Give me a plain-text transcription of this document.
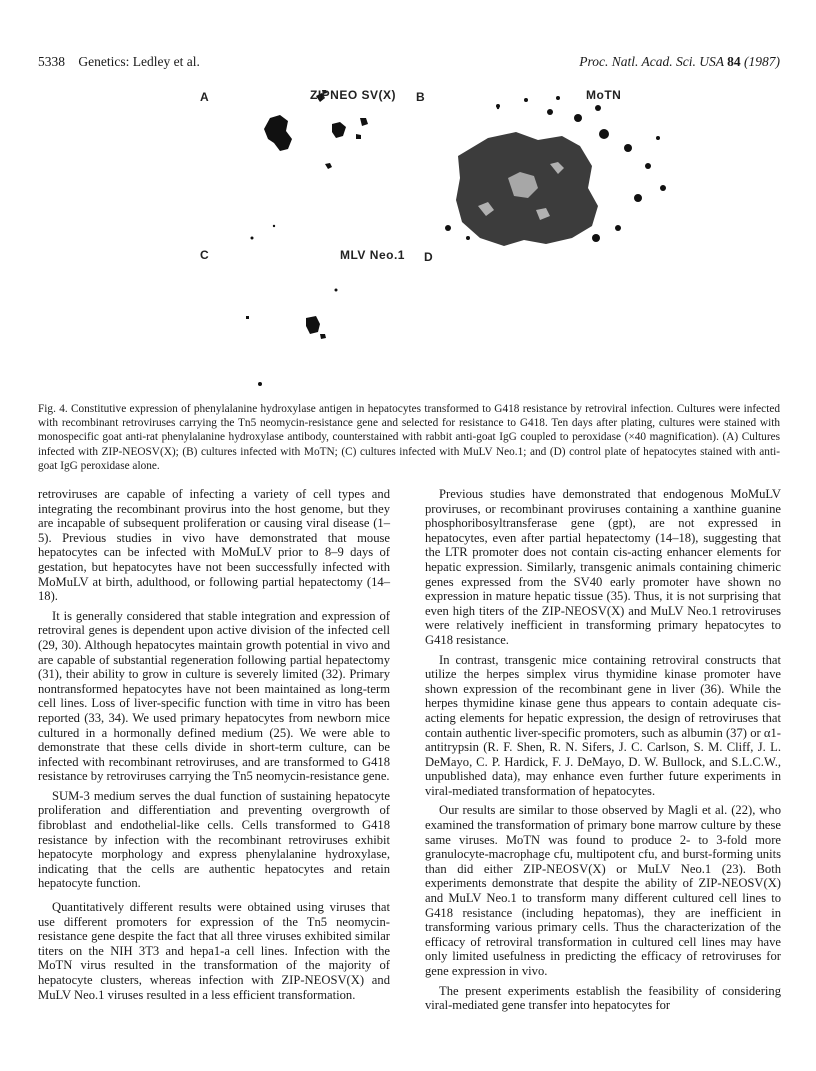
5338 Genetics: Ledley et al.	Proc. Natl. Acad. Sci. USA 84 (1987)
A	ZIPNEO SV(X) B	MoTN
C	MLV Neo.1 D
Fig. 4. Constitutive expression of phenylalanine hydroxylase antigen in hepatocytes transformed to G418 resistance by retroviral infection. Cultures were infected with recombinant retroviruses carrying the Tn5 neomycin-resistance gene and selected for resistance to G418. Ten days after plating, cultures were stained with monospecific goat anti-rat phenylalanine hydroxylase antibody, counterstained with rabbit anti-goat IgG coupled to peroxidase (×40 magnification). (A) Cultures infected with ZIP-NEOSV(X); (B) cultures infected with MoTN; (C) cultures infected with MuLV Neo.1; and (D) control plate of hepatocytes stained with anti-goat IgG peroxidase alone.

retroviruses are capable of infecting a variety of cell types and integrating the recombinant provirus into the host genome, but they are incapable of subsequent proliferation or causing viral disease (1–5). Previous studies in vivo have demonstrated that mouse hepatocytes can be infected with MoMuLV prior to 8–9 days of gestation, but hepatocytes have not been successfully infected with MoMuLV at birth, adulthood, or following partial hepatectomy (14–18).

It is generally considered that stable integration and expression of retroviral genes is dependent upon active division of the infected cell (29, 30). Although hepatocytes maintain growth potential in vivo and are capable of substantial regeneration following partial hepatectomy (31), their ability to grow in culture is severely limited (32). Primary nontransformed hepatocytes have not been maintained as long-term cell lines. Loss of liver-specific function with time in vitro has been reported (33, 34). We used primary hepatocytes from newborn mice cultured in a hormonally defined medium (25). We were able to demonstrate that these cells divide in short-term culture, can be infected with recombinant retroviruses, and are transformed to G418 resistance by retroviruses carrying the Tn5 neomycin-resistance gene.

SUM-3 medium serves the dual function of sustaining hepatocyte proliferation and differentiation and preventing overgrowth of fibroblast and endothelial-like cells. Cells transformed to G418 resistance by infection with the recombinant retroviruses exhibit hepatocyte morphology and express phenylalanine hydroxylase, indicating that the cells are authentic hepatocytes and retain hepatocyte function.

Quantitatively different results were obtained using viruses that use different promoters for expression of the Tn5 neomycin-resistance gene despite the fact that all three viruses exhibited similar titers on the NIH 3T3 and hepa1-a cell lines. Infection with the MoTN virus resulted in the transformation of the majority of hepatocyte clusters, whereas infection with ZIP-NEOSV(X) and MuLV Neo.1 viruses resulted in a less efficient transformation.

Previous studies have demonstrated that endogenous MoMuLV proviruses, or recombinant proviruses containing a xanthine guanine phosphoribosyltransferase gene (gpt), are not expressed in hepatocytes, even after partial hepatectomy (14–18), suggesting that the LTR promoter does not contain cis-acting enhancer elements for hepatic expression. Similarly, transgenic animals containing chimeric genes expressed from the SV40 early promoter have shown no expression in mature hepatic tissue (35). Thus, it is not surprising that even high titers of the ZIP-NEOSV(X) and MuLV Neo.1 retroviruses were relatively inefficient in transforming primary hepatocytes to G418 resistance.

In contrast, transgenic mice containing retroviral constructs that utilize the herpes simplex virus thymidine kinase promoter have shown expression of the recombinant gene in liver (36). While the herpes thymidine kinase gene thus appears to contain adequate cis-acting elements for hepatic expression, the design of retroviruses that contain authentic liver-specific promoters, such as albumin (37) or α1-antitrypsin (R. F. Shen, R. N. Sifers, J. C. Carlson, S. M. Cliff, J. L. DeMayo, C. P. Hardick, F. J. DeMayo, D. W. Bullock, and S.L.C.W., unpublished data), may enhance even further future experiments in viral-mediated transformation of hepatocytes.

Our results are similar to those observed by Magli et al. (22), who examined the transformation of primary bone marrow culture by these same viruses. MoTN was found to produce 2- to 3-fold more granulocyte-macrophage cfu, multipotent cfu, and burst-forming units than did either ZIP-NEOSV(X) or MuLV Neo.1 (23). Both experiments demonstrate that despite the ability of ZIP-NEOSV(X) and MuLV Neo.1 to transform many different cultured cell lines to G418 resistance (including hepatomas), they are inefficient in transforming various primary cells. Thus the characterization of the efficacy of retroviral transformation in cultured cell lines may have only limited usefulness in predicting the efficacy of retroviruses for gene expression in vivo.

The present experiments establish the feasibility of considering viral-mediated gene transfer into hepatocytes for
